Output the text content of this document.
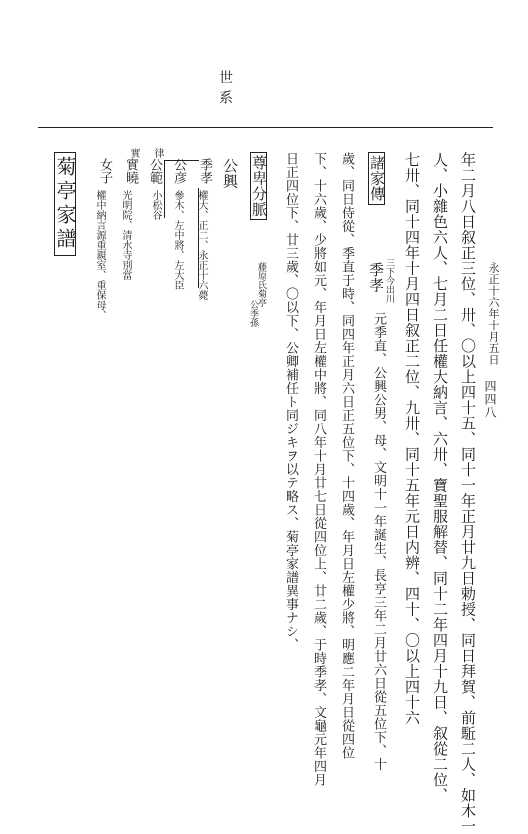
世系
四四八
永正十六年十月五日
年二月八日叙正三位、卅、〇以上四十五、同十一年正月廿九日勅授、同日拜賀、前駈二人、如木一
人、小雜色六人、七月二日任權大納言、六卅、寶聖服解替、同十二年四月十九日、叙從二位、
七卅、同十四年十月四日叙正二位、九卅、同十五年元日内辨、四十、〇以上四十六
諸家傳
三下今出川
季孝
元季直、公興公男、母、文明十一年誕生、長亨三年二月廿六日從五位下、十
歲、同日侍從、季直于時、同四年正月六日正五位下、十四歲、年月日左權少將、明應二年月日從四位
下、十六歲、少將如元、年月日左權中將、同八年十月廿七日從四位上、廿二歲、于時季孝、文龜元年四月
日正四位下、廿三歲、〇以下、公卿補任ト同ジキヲ以テ略ス、菊亭家譜異事ナシ、
尊卑分脈
藤原氏菊亭
公季孫
公興
季孝
權大、正二、永正十六薨
公彦
參木、左中將、左大臣
律
公範
小松谷
實
實曉
光明院、清水寺別當
女子
權中納言源重親室、重保母、
菊亭家譜
